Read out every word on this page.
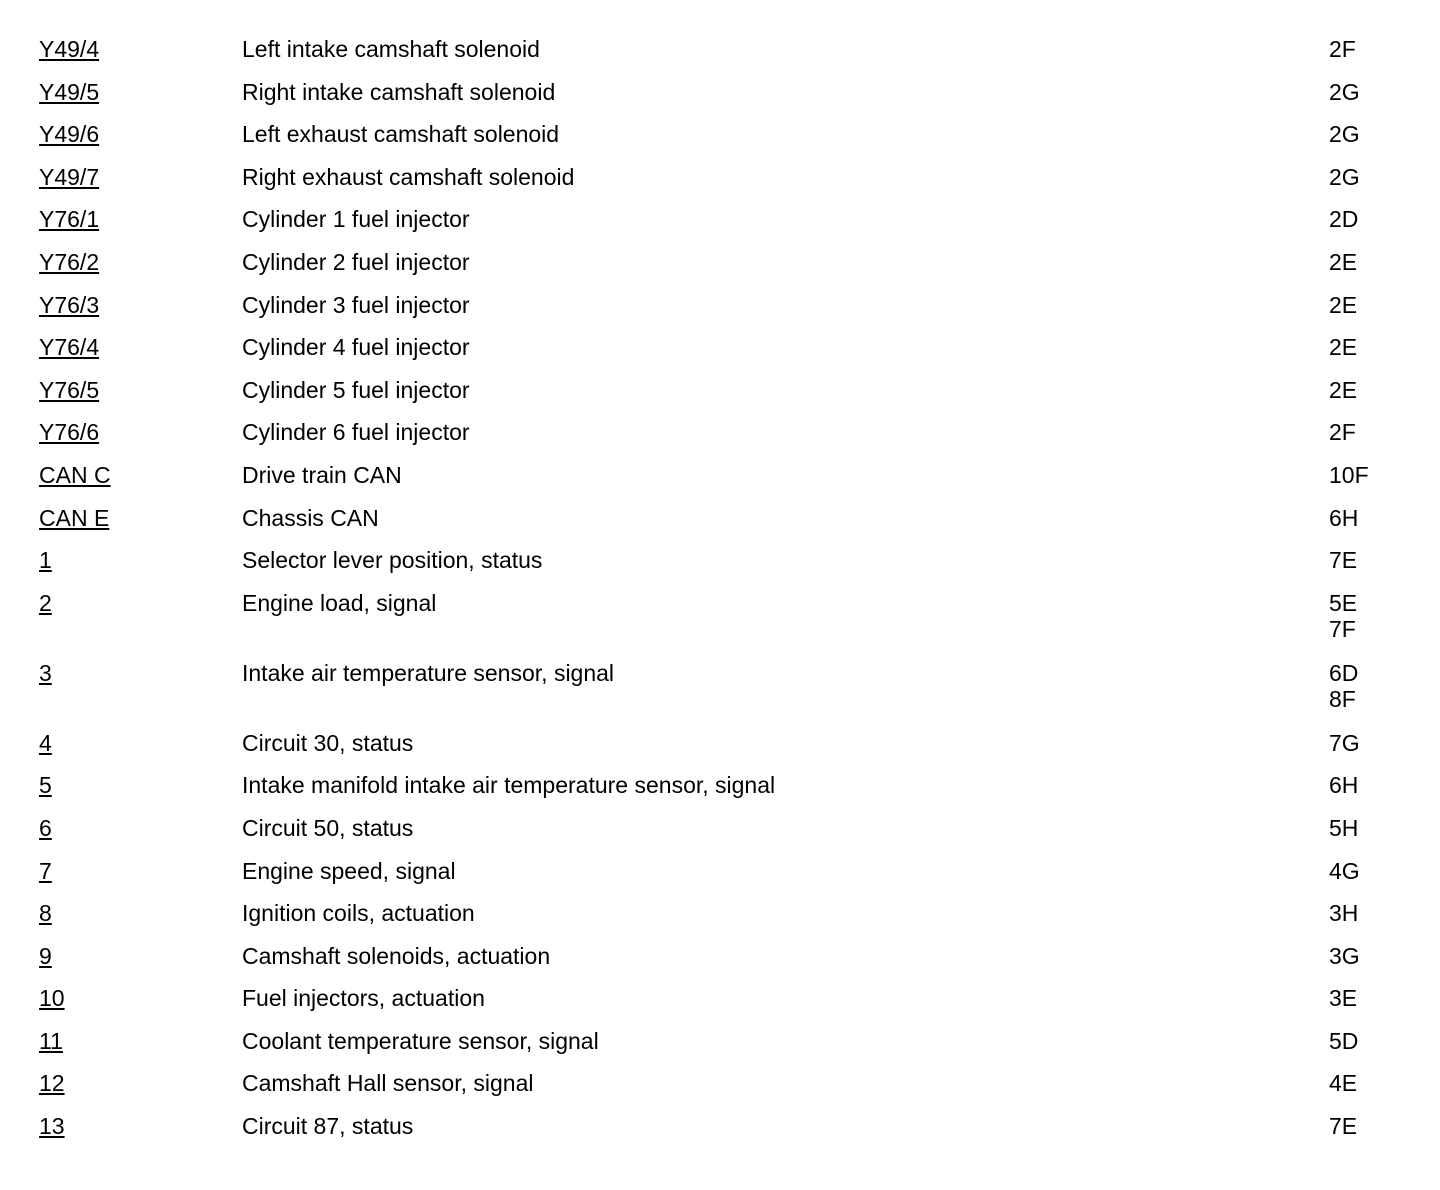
Y49/4	Left intake camshaft solenoid	2F
Y49/5	Right intake camshaft solenoid	2G
Y49/6	Left exhaust camshaft solenoid	2G
Y49/7	Right exhaust camshaft solenoid	2G
Y76/1	Cylinder 1 fuel injector	2D
Y76/2	Cylinder 2 fuel injector	2E
Y76/3	Cylinder 3 fuel injector	2E
Y76/4	Cylinder 4 fuel injector	2E
Y76/5	Cylinder 5 fuel injector	2E
Y76/6	Cylinder 6 fuel injector	2F
CAN C	Drive train CAN	10F
CAN E	Chassis CAN	6H
1	Selector lever position, status	7E
2	Engine load, signal	5E
7F
3	Intake air temperature sensor, signal	6D
8F
4	Circuit 30, status	7G
5	Intake manifold intake air temperature sensor, signal	6H
6	Circuit 50, status	5H
7	Engine speed, signal	4G
8	Ignition coils, actuation	3H
9	Camshaft solenoids, actuation	3G
10	Fuel injectors, actuation	3E
11	Coolant temperature sensor, signal	5D
12	Camshaft Hall sensor, signal	4E
13	Circuit 87, status	7E
